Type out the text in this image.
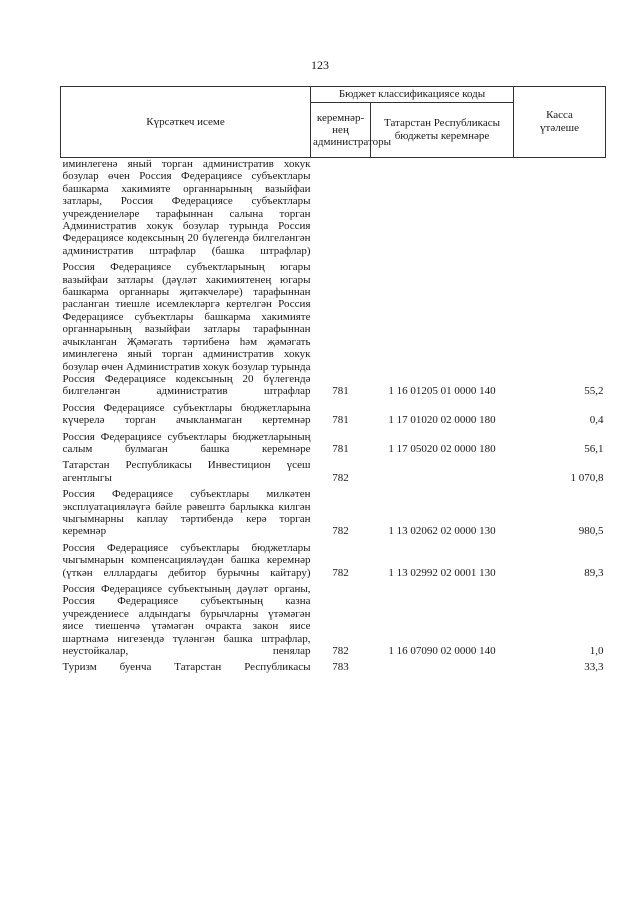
123
Күрсәткеч исеме	Бюджет классификациясе коды		Касса үтәлеше
	керемнәр-нең администраторы	Татарстан Республикасы бюджеты керемнәре	
иминлегенә яный торган административ хокук бозулар өчен Россия Федерациясе субъектлары башкарма хакимияте органнарының вазыйфаи затлары, Россия Федерациясе субъектлары учреждениеләре тарафыннан салына торган Административ хокук бозулар турында Россия Федерациясе кодексының 20 бүлегендә билгеләнгән административ штрафлар (башка штрафлар)			
Россия Федерациясе субъектларының югары вазыйфаи затлары (дәүләт хакимиятенең югары башкарма органнары җитәкчеләре) тарафыннан расланган тиешле исемлекләргә кертелгән Россия Федерациясе субъектлары башкарма хакимияте органнарының вазыйфаи затлары тарафыннан ачыкланган Җәмәгать тәртибенә һәм җәмәгать иминлегенә яный торган административ хокук бозулар өчен Административ хокук бозулар турында Россия Федерациясе кодексының 20 бүлегендә билгеләнгән административ штрафлар	781	1 16 01205 01 0000 140	55,2
Россия Федерациясе субъектлары бюджетларына күчерелә торган ачыкланмаган кертемнәр	781	1 17 01020 02 0000 180	0,4
Россия Федерациясе субъектлары бюджетларының салым булмаган башка керемнәре	781	1 17 05020 02 0000 180	56,1
Татарстан Республикасы Инвестицион үсеш агентлыгы	782		1 070,8
Россия Федерациясе субъектлары милкәтен эксплуатацияләүгә бәйле рәвештә барлыкка килгән чыгымнарны каплау тәртибендә керә торган керемнәр	782	1 13 02062 02 0000 130	980,5
Россия Федерациясе субъектлары бюджетлары чыгымнарын компенсацияләүдән башка керемнәр (үткән елллардагы дебитор бурычны кайтару)	782	1 13 02992 02 0001 130	89,3
Россия Федерациясе субъектының дәүләт органы, Россия Федерациясе субъектының казна учреждениесе алдындагы бурычларны үтәмәгән яисе тиешенчә үтәмәгән очракта закон яисе шартнамә нигезендә түләнгән башка штрафлар, неустойкалар, пенялар	782	1 16 07090 02 0000 140	1,0
Туризм буенча Татарстан Республикасы	783		33,3
